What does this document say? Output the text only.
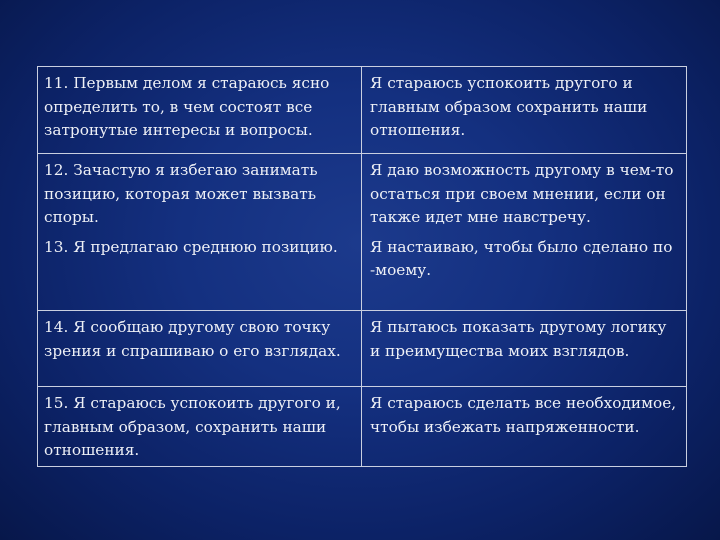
11. Первым делом я стараюсь ясно
определить то, в чем состоят все
затронутые интересы и вопросы.

Я стараюсь успокоить другого и
главным образом сохранить наши
отношения.

12. Зачастую я избегаю занимать
позицию, которая может вызвать
споры.

13. Я предлагаю среднюю позицию.

Я даю возможность другому в чем-то
остаться при своем мнении, если он
также идет мне навстречу.

Я настаиваю, чтобы было сделано по
-моему.

14. Я сообщаю другому свою точку
зрения и спрашиваю о его взглядах.

Я пытаюсь показать другому логику
и преимущества моих взглядов.

15. Я стараюсь успокоить другого и,
главным образом, сохранить наши
отношения.

Я стараюсь сделать все необходимое,
чтобы избежать напряженности.
